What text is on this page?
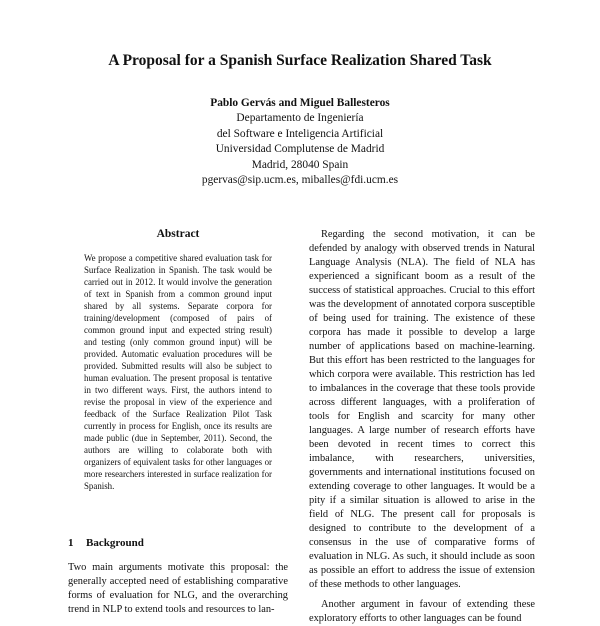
A Proposal for a Spanish Surface Realization Shared Task
Pablo Gervás and Miguel Ballesteros
Departamento de Ingeniería
del Software e Inteligencia Artificial
Universidad Complutense de Madrid
Madrid, 28040 Spain
pgervas@sip.ucm.es, miballes@fdi.ucm.es
Abstract

We propose a competitive shared evaluation task for Surface Realization in Spanish. The task would be carried out in 2012. It would involve the generation of text in Spanish from a common ground input shared by all systems. Separate corpora for training/development (composed of pairs of common ground input and expected string result) and testing (only common ground input) will be provided. Automatic evaluation procedures will be provided. Submitted results will also be subject to human evaluation. The present proposal is tentative in two different ways. First, the authors intend to revise the proposal in view of the experience and feedback of the Surface Realization Pilot Task currently in process for English, once its results are made public (due in September, 2011). Second, the authors are willing to colaborate both with organizers of equivalent tasks for other languages or more researchers interested in surface realization for Spanish.

1 Background

Two main arguments motivate this proposal: the generally accepted need of establishing comparative forms of evaluation for NLG, and the overarching trend in NLP to extend tools and resources to lan-

Regarding the second motivation, it can be defended by analogy with observed trends in Natural Language Analysis (NLA). The field of NLA has experienced a significant boom as a result of the success of statistical approaches. Crucial to this effort was the development of annotated corpora susceptible of being used for training. The existence of these corpora has made it possible to develop a large number of applications based on machine-learning. But this effort has been restricted to the languages for which corpora were available. This restriction has led to imbalances in the coverage that these tools provide across different languages, with a proliferation of tools for English and scarcity for many other languages. A large number of research efforts have been devoted in recent times to correct this imbalance, with researchers, universities, governments and international institutions focused on extending coverage to other languages. It would be a pity if a similar situation is allowed to arise in the field of NLG. The present call for proposals is designed to contribute to the development of a consensus in the use of comparative forms of evaluation in NLG. As such, it should include as soon as possible an effort to address the issue of extension of these methods to other languages.

Another argument in favour of extending these exploratory efforts to other languages can be found
